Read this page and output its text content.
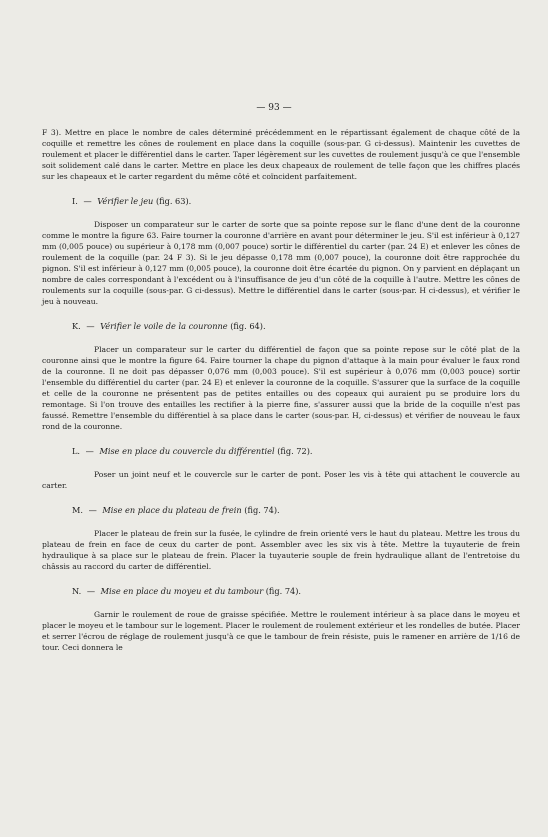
— 93 —

F 3). Mettre en place le nombre de cales déterminé précédemment en le répartissant également de chaque côté de la coquille et remettre les cônes de roulement en place dans la coquille (sous-par. G ci-dessus). Maintenir les cuvettes de roulement et placer le différentiel dans le carter. Taper légèrement sur les cuvettes de roulement jusqu'à ce que l'ensemble soit solidement calé dans le carter. Mettre en place les deux chapeaux de roulement de telle façon que les chiffres placés sur les chapeaux et le carter regardent du même côté et coïncident parfaitement.

I. — Vérifier le jeu (fig. 63).

Disposer un comparateur sur le carter de sorte que sa pointe repose sur le flanc d'une dent de la couronne comme le montre la figure 63. Faire tourner la couronne d'arrière en avant pour déterminer le jeu. S'il est inférieur à 0,127 mm (0,005 pouce) ou supérieur à 0,178 mm (0,007 pouce) sortir le différentiel du carter (par. 24 E) et enlever les cônes de roulement de la coquille (par. 24 F 3). Si le jeu dépasse 0,178 mm (0,007 pouce), la couronne doit être rapprochée du pignon. S'il est inférieur à 0,127 mm (0,005 pouce), la couronne doit être écartée du pignon. On y parvient en déplaçant un nombre de cales correspondant à l'excédent ou à l'insuffisance de jeu d'un côté de la coquille à l'autre. Mettre les cônes de roulements sur la coquille (sous-par. G ci-dessus). Mettre le différentiel dans le carter (sous-par. H ci-dessus), et vérifier le jeu à nouveau.

K. — Vérifier le voile de la couronne (fig. 64).

Placer un comparateur sur le carter du différentiel de façon que sa pointe repose sur le côté plat de la couronne ainsi que le montre la figure 64. Faire tourner la chape du pignon d'attaque à la main pour évaluer le faux rond de la couronne. Il ne doit pas dépasser 0,076 mm (0,003 pouce). S'il est supérieur à 0,076 mm (0,003 pouce) sortir l'ensemble du différentiel du carter (par. 24 E) et enlever la couronne de la coquille. S'assurer que la surface de la coquille et celle de la couronne ne présentent pas de petites entailles ou des copeaux qui auraient pu se produire lors du remontage. Si l'on trouve des entailles les rectifier à la pierre fine, s'assurer aussi que la bride de la coquille n'est pas faussé. Remettre l'ensemble du différentiel à sa place dans le carter (sous-par. H, ci-dessus) et vérifier de nouveau le faux rond de la couronne.

L. — Mise en place du couvercle du différentiel (fig. 72).

Poser un joint neuf et le couvercle sur le carter de pont. Poser les vis à tête qui attachent le couvercle au carter.

M. — Mise en place du plateau de frein (fig. 74).

Placer le plateau de frein sur la fusée, le cylindre de frein orienté vers le haut du plateau. Mettre les trous du plateau de frein en face de ceux du carter de pont. Assembler avec les six vis à tête. Mettre la tuyauterie de frein hydraulique à sa place sur le plateau de frein. Placer la tuyauterie souple de frein hydraulique allant de l'entretoise du châssis au raccord du carter de différentiel.

N. — Mise en place du moyeu et du tambour (fig. 74).

Garnir le roulement de roue de graisse spécifiée. Mettre le roulement intérieur à sa place dans le moyeu et placer le moyeu et le tambour sur le logement. Placer le roulement de roulement extérieur et les rondelles de butée. Placer et serrer l'écrou de réglage de roulement jusqu'à ce que le tambour de frein résiste, puis le ramener en arrière de 1/16 de tour. Ceci donnera le
